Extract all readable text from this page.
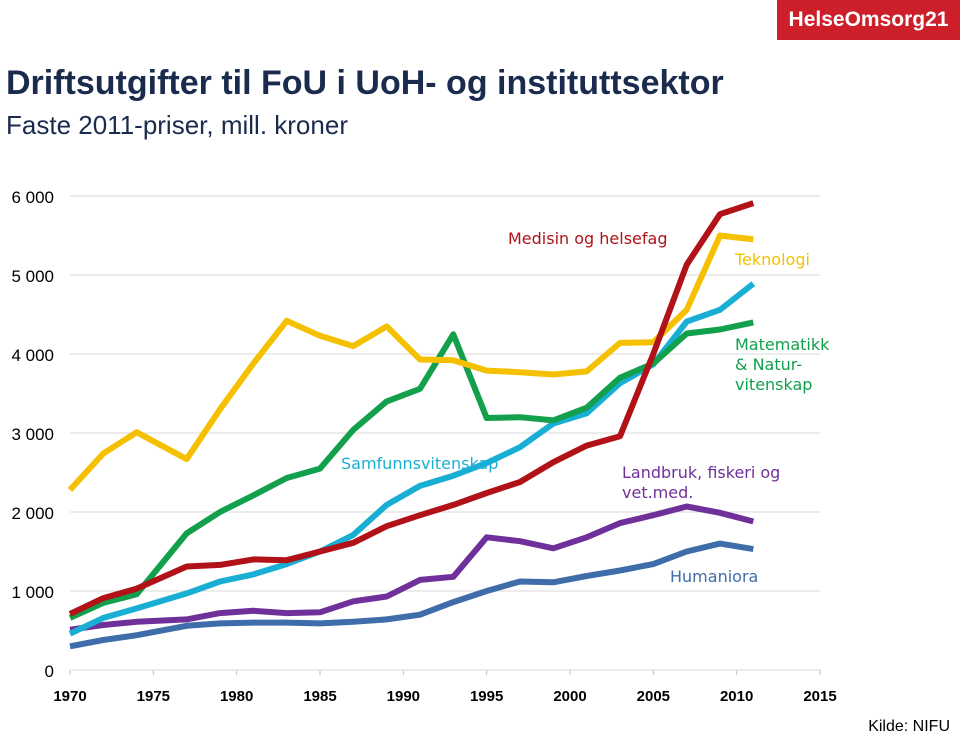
HelseOmsorg21
Driftsutgifter til FoU i UoH- og instituttsektor
Faste 2011-priser, mill. kroner
0
1 000
2 000
3 000
4 000
5 000
6 000
1970	1975	1980	1985	1990	1995	2000	2005	2010	2015
Medisin og helsefag
Teknologi
Matematikk & Natur-vitenskap
Samfunnsvitenskap	Landbruk, fiskeri og vet.med.
Humaniora
Kilde: NIFU
